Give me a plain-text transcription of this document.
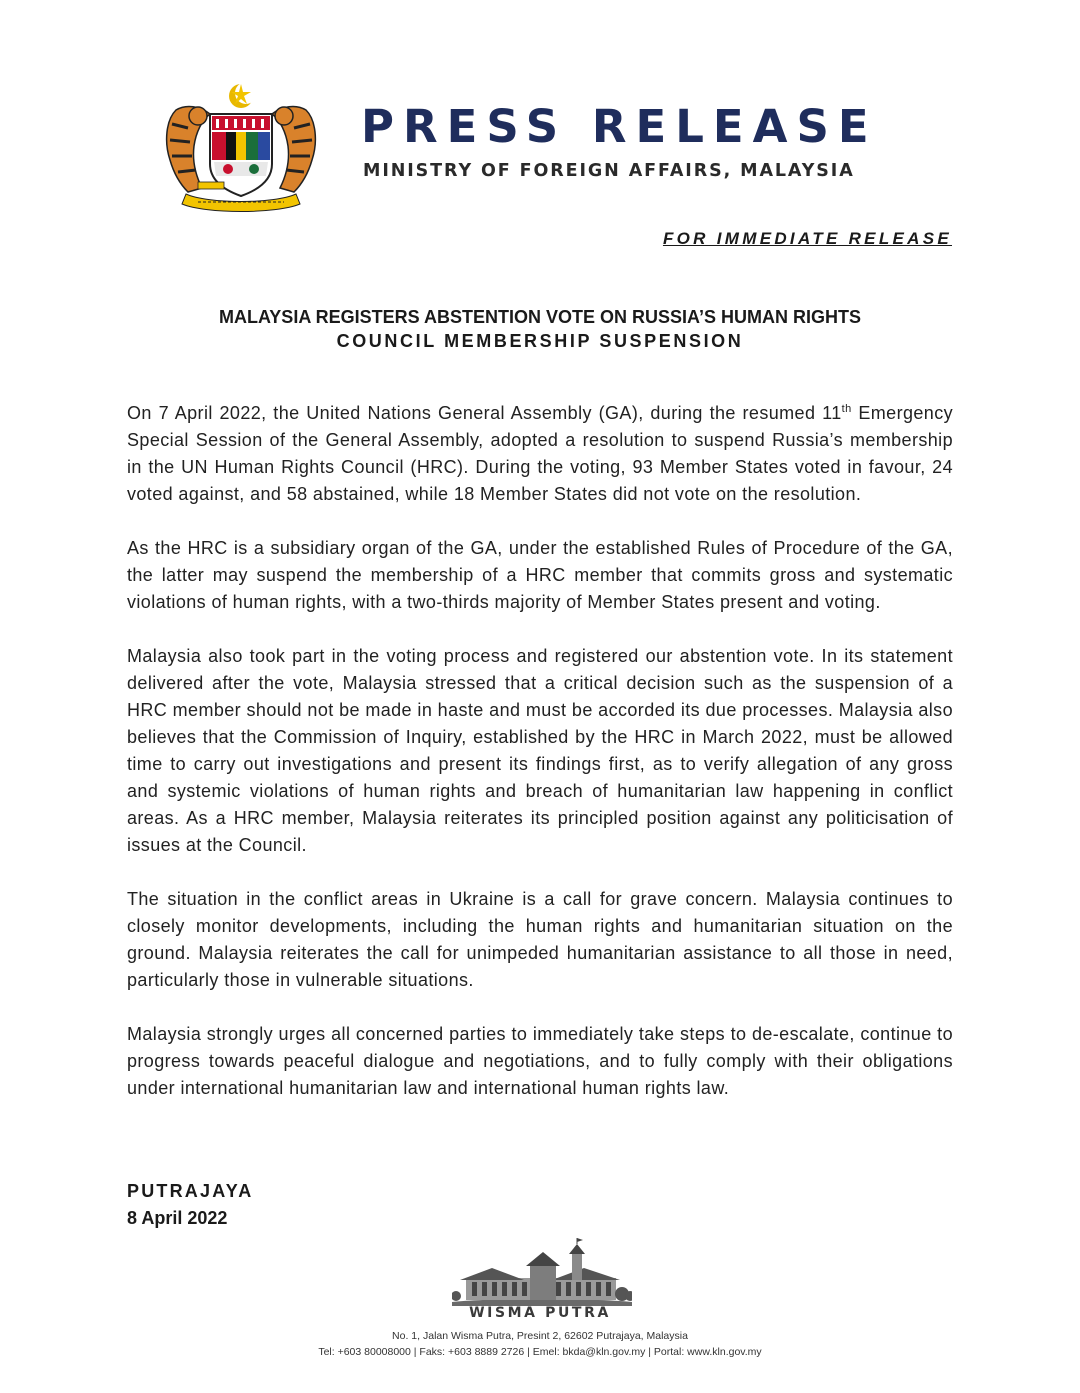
PRESS RELEASE
MINISTRY OF FOREIGN AFFAIRS, MALAYSIA
FOR IMMEDIATE RELEASE
MALAYSIA REGISTERS ABSTENTION VOTE ON RUSSIA’S HUMAN RIGHTS
COUNCIL MEMBERSHIP SUSPENSION

On 7 April 2022, the United Nations General Assembly (GA), during the resumed 11th Emergency Special Session of the General Assembly, adopted a resolution to suspend Russia’s membership in the UN Human Rights Council (HRC). During the voting, 93 Member States voted in favour, 24 voted against, and 58 abstained, while 18 Member States did not vote on the resolution.

As the HRC is a subsidiary organ of the GA, under the established Rules of Procedure of the GA, the latter may suspend the membership of a HRC member that commits gross and systematic violations of human rights, with a two-thirds majority of Member States present and voting.

Malaysia also took part in the voting process and registered our abstention vote. In its statement delivered after the vote, Malaysia stressed that a critical decision such as the suspension of a HRC member should not be made in haste and must be accorded its due processes. Malaysia also believes that the Commission of Inquiry, established by the HRC in March 2022, must be allowed time to carry out investigations and present its findings first, as to verify allegation of any gross and systemic violations of human rights and breach of humanitarian law happening in conflict areas. As a HRC member, Malaysia reiterates its principled position against any politicisation of issues at the Council.

The situation in the conflict areas in Ukraine is a call for grave concern. Malaysia continues to closely monitor developments, including the human rights and humanitarian situation on the ground. Malaysia reiterates the call for unimpeded humanitarian assistance to all those in need, particularly those in vulnerable situations.

Malaysia strongly urges all concerned parties to immediately take steps to de-escalate, continue to progress towards peaceful dialogue and negotiations, and to fully comply with their obligations under international humanitarian law and international human rights law.

PUTRAJAYA
8 April 2022
WISMA PUTRA
No. 1, Jalan Wisma Putra, Presint 2, 62602 Putrajaya, Malaysia
Tel: +603 80008000 | Faks: +603 8889 2726 | Emel: bkda@kln.gov.my | Portal: www.kln.gov.my
